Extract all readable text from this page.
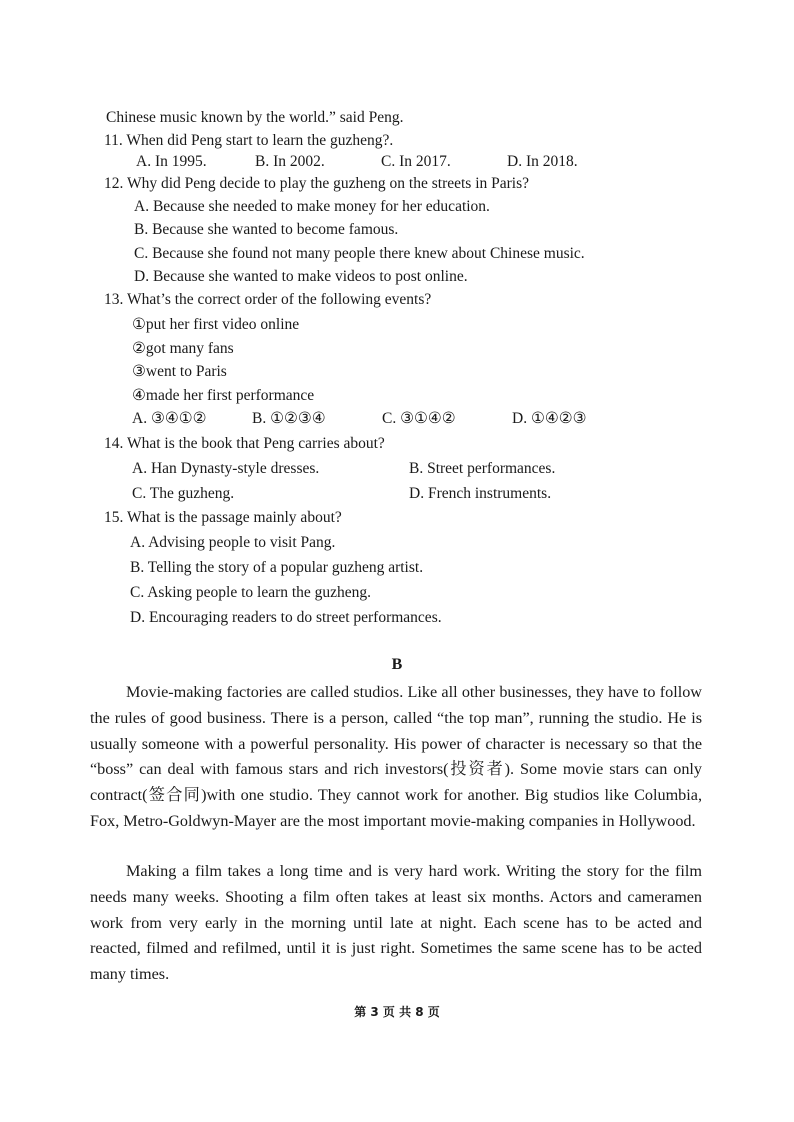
Chinese music known by the world.” said Peng.
11. When did Peng start to learn the guzheng?.
A. In 1995.	B. In 2002.	C. In 2017.	D. In 2018.
12. Why did Peng decide to play the guzheng on the streets in Paris?
A. Because she needed to make money for her education.
B. Because she wanted to become famous.
C. Because she found not many people there knew about Chinese music.
D. Because she wanted to make videos to post online.
13. What’s the correct order of the following events?
①put her first video online
②got many fans
③went to Paris
④made her first performance
A. ③④①②	B. ①②③④	C. ③①④②	D. ①④②③
14. What is the book that Peng carries about?
A. Han Dynasty-style dresses.	B. Street performances.
C. The guzheng.	D. French instruments.
15. What is the passage mainly about?
A. Advising people to visit Pang.
B. Telling the story of a popular guzheng artist.
C. Asking people to learn the guzheng.
D. Encouraging readers to do street performances.
B
Movie-making factories are called studios. Like all other businesses, they have to follow the rules of good business. There is a person, called “the top man”, running the studio. He is usually someone with a powerful personality. His power of character is necessary so that the “boss” can deal with famous stars and rich investors(投资者). Some movie stars can only contract(签合同)with one studio. They cannot work for another. Big studios like Columbia, Fox, Metro-Goldwyn-Mayer are the most important movie-making companies in Hollywood.
Making a film takes a long time and is very hard work. Writing the story for the film needs many weeks. Shooting a film often takes at least six months. Actors and cameramen work from very early in the morning until late at night. Each scene has to be acted and reacted, filmed and refilmed, until it is just right. Sometimes the same scene has to be acted many times.
第 3 页 共 8 页
